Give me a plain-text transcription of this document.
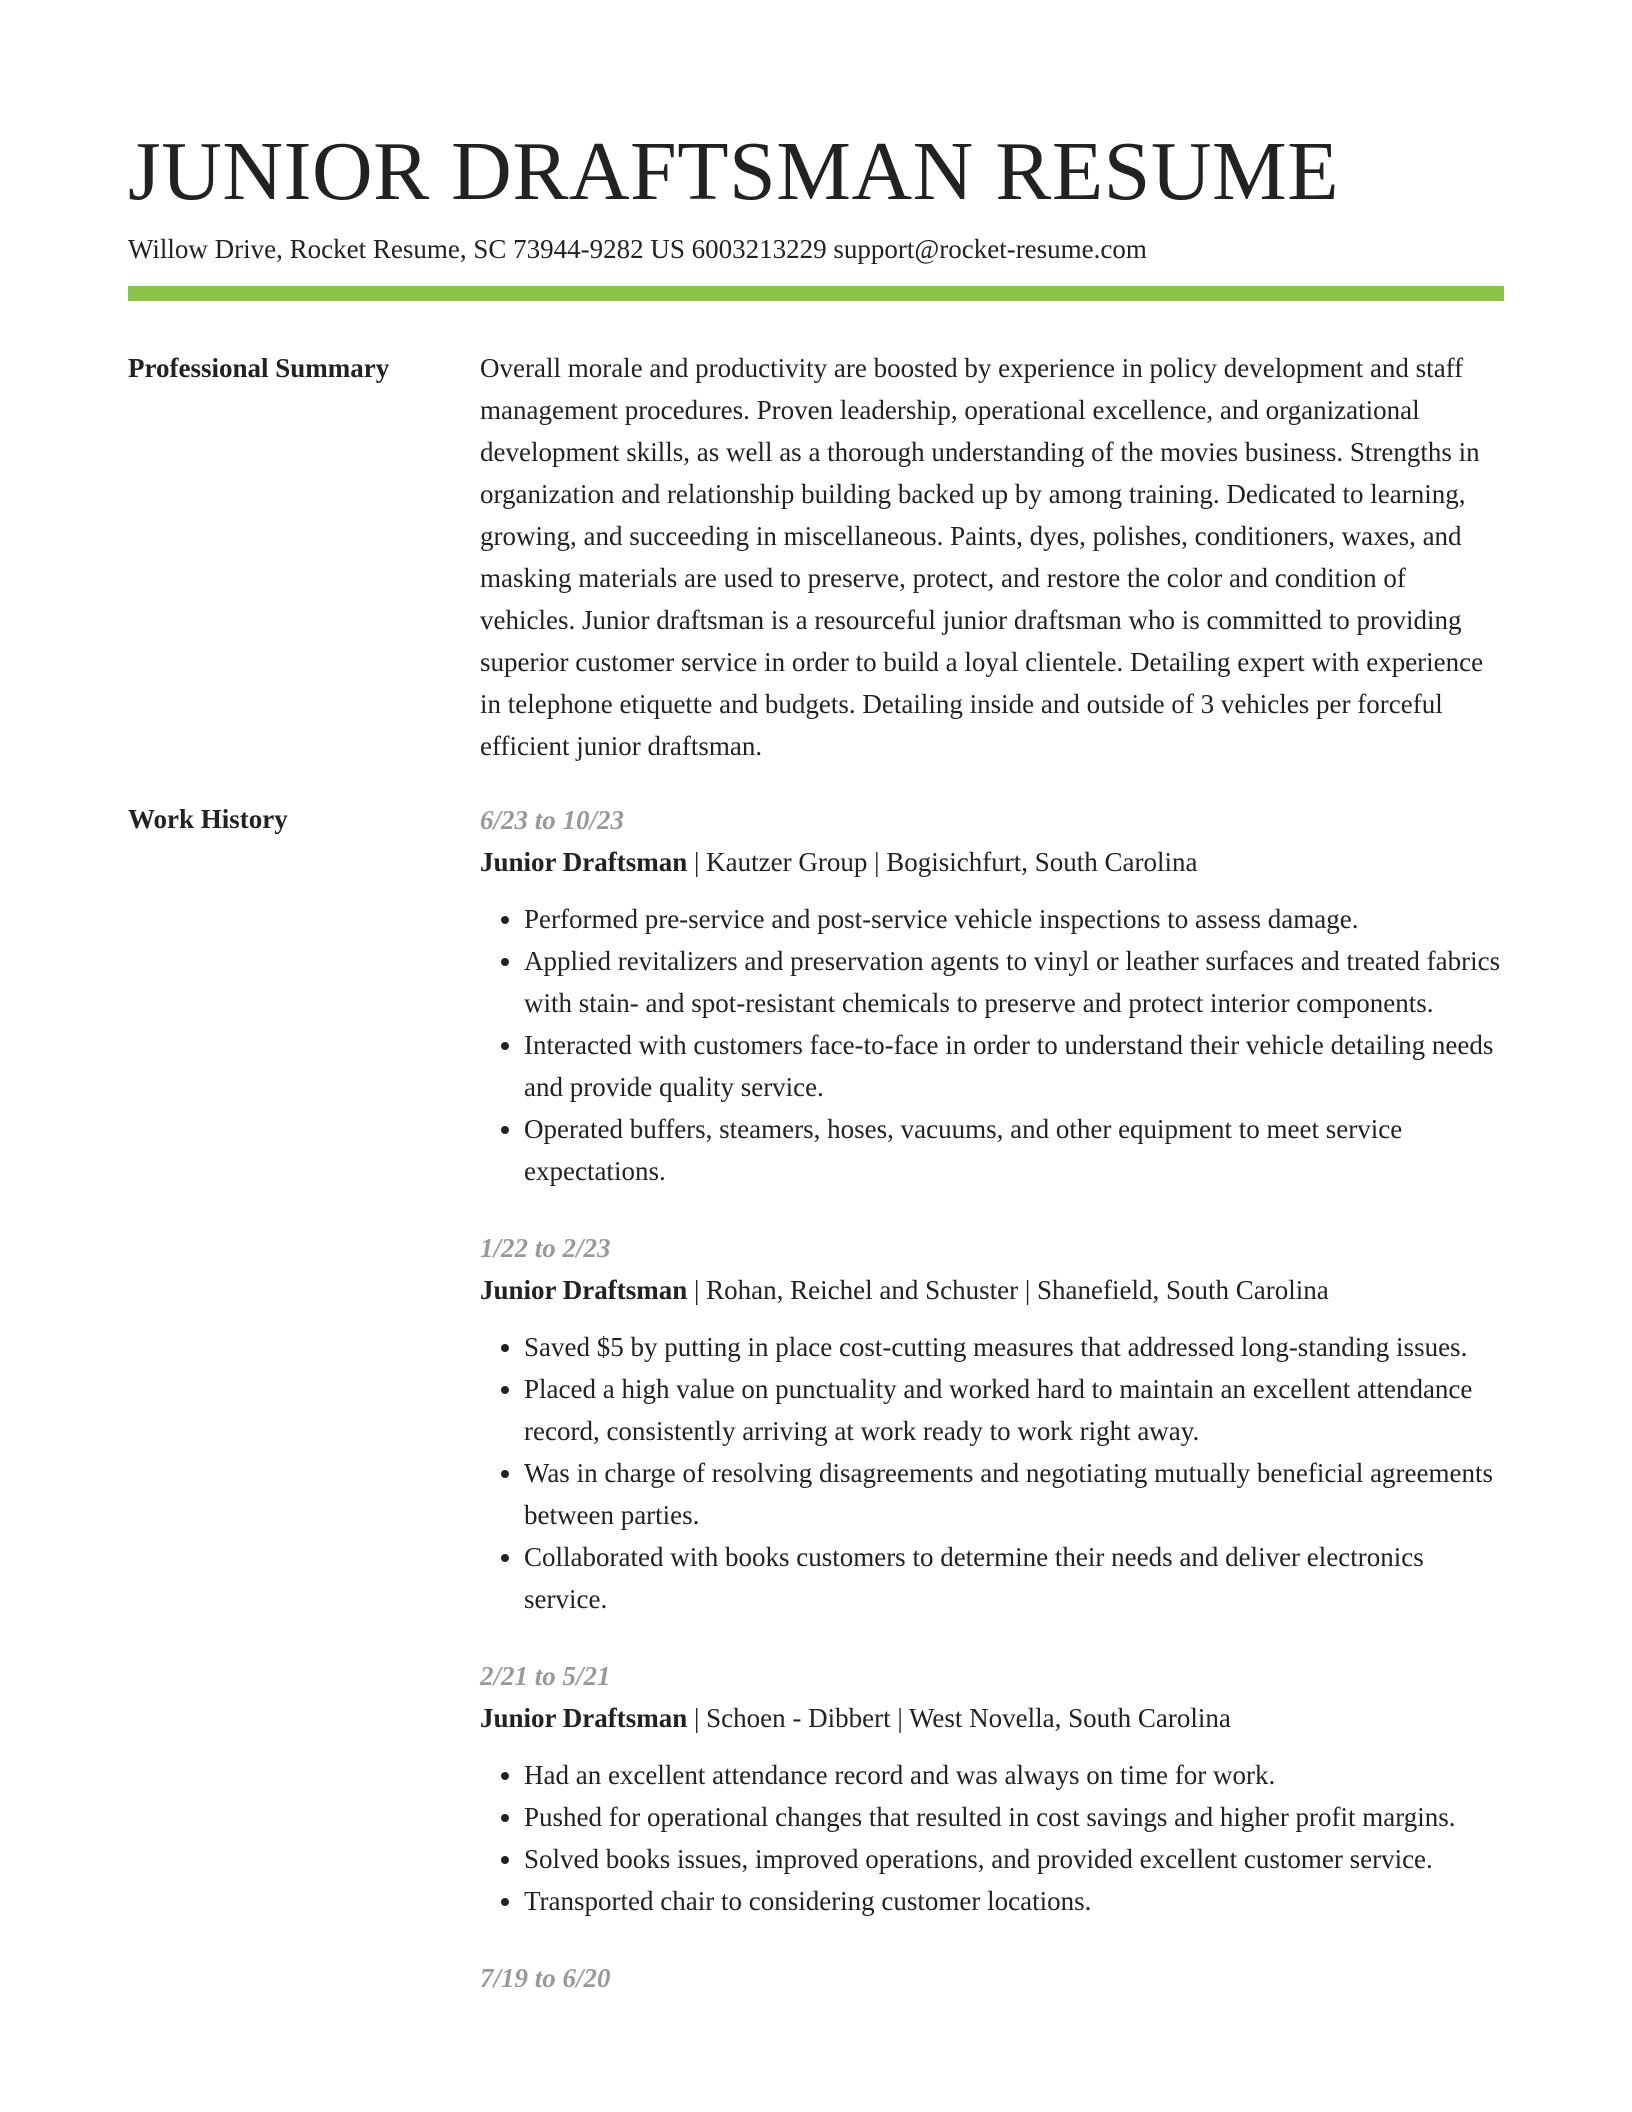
JUNIOR DRAFTSMAN RESUME
Willow Drive, Rocket Resume, SC 73944-9282 US 6003213229 support@rocket-resume.com
Professional Summary	Overall morale and productivity are boosted by experience in policy development and staff management procedures. Proven leadership, operational excellence, and organizational development skills, as well as a thorough understanding of the movies business. Strengths in organization and relationship building backed up by among training. Dedicated to learning, growing, and succeeding in miscellaneous. Paints, dyes, polishes, conditioners, waxes, and masking materials are used to preserve, protect, and restore the color and condition of vehicles. Junior draftsman is a resourceful junior draftsman who is committed to providing superior customer service in order to build a loyal clientele. Detailing expert with experience in telephone etiquette and budgets. Detailing inside and outside of 3 vehicles per forceful efficient junior draftsman.

Work History	6/23 to 10/23
Junior Draftsman | Kautzer Group | Bogisichfurt, South Carolina
• Performed pre-service and post-service vehicle inspections to assess damage.
• Applied revitalizers and preservation agents to vinyl or leather surfaces and treated fabrics with stain- and spot-resistant chemicals to preserve and protect interior components.
• Interacted with customers face-to-face in order to understand their vehicle detailing needs and provide quality service.
• Operated buffers, steamers, hoses, vacuums, and other equipment to meet service expectations.
1/22 to 2/23
Junior Draftsman | Rohan, Reichel and Schuster | Shanefield, South Carolina
• Saved $5 by putting in place cost-cutting measures that addressed long-standing issues.
• Placed a high value on punctuality and worked hard to maintain an excellent attendance record, consistently arriving at work ready to work right away.
• Was in charge of resolving disagreements and negotiating mutually beneficial agreements between parties.
• Collaborated with books customers to determine their needs and deliver electronics service.
2/21 to 5/21
Junior Draftsman | Schoen - Dibbert | West Novella, South Carolina
• Had an excellent attendance record and was always on time for work.
• Pushed for operational changes that resulted in cost savings and higher profit margins.
• Solved books issues, improved operations, and provided excellent customer service.
• Transported chair to considering customer locations.
7/19 to 6/20
